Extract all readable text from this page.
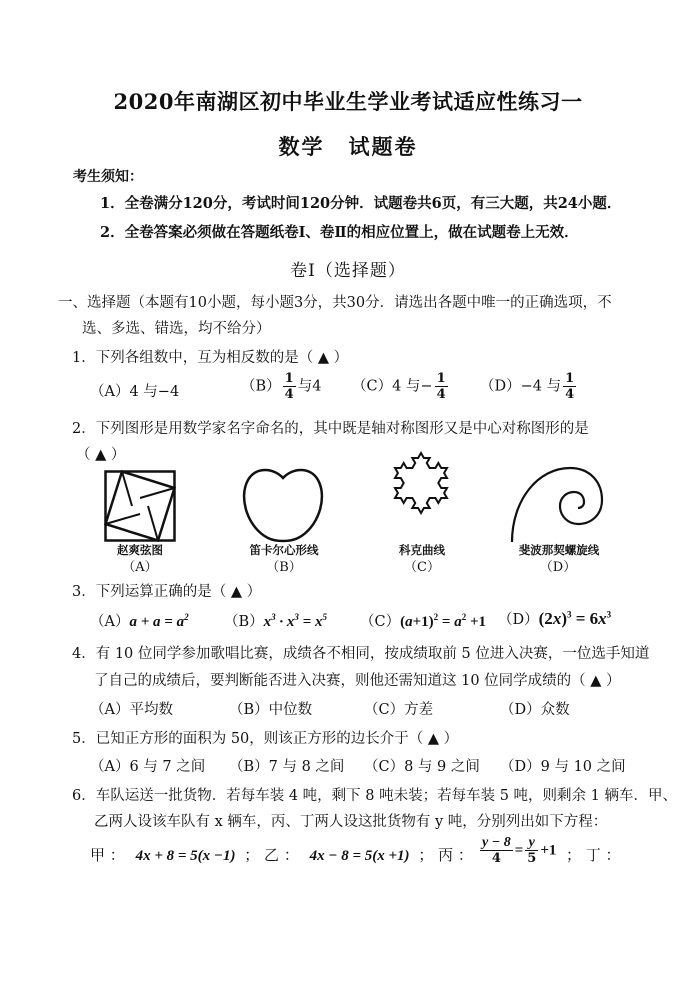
2020年南湖区初中毕业生学业考试适应性练习一
数学 试题卷
考生须知：
1．全卷满分120分，考试时间120分钟．试题卷共6页，有三大题，共24小题．
2．全卷答案必须做在答题纸卷Ⅰ、卷Ⅱ的相应位置上，做在试题卷上无效．
卷Ⅰ（选择题）
一、选择题（本题有10小题，每小题3分，共30分．请选出各题中唯一的正确选项，不
选、多选、错选，均不给分）
1．下列各组数中，互为相反数的是（ ▲ ）
（A）4 与−4	$(B) \frac{1}{4}$ 与4 （C）4 与− $\frac{1}{4} (D)-4$ 与 $\frac{1}{4}$
2．下列图形是用数学家名字命名的，其中既是轴对称图形又是中心对称图形的是
（ ▲ ）
赵爽弦图
（A）
笛卡尔心形线
（B）
科克曲线
（C）
斐波那契螺旋线
（D）
3．下列运算正确的是（ ▲ ）
$(A)a + a = a^2$ $(B)x^3 \cdot x^3 = x^5$ $(C)(a+1)^2 = a^2 +1$ $(D)(2x)^3 = 6x^3$
4．有 10 位同学参加歌唱比赛，成绩各不相同，按成绩取前 5 位进入决赛，一位选手知道
了自己的成绩后，要判断能否进入决赛，则他还需知道这 10 位同学成绩的（ ▲ ）
（A）平均数	（B）中位数	（C）方差	（D）众数
5．已知正方形的面积为 50，则该正方形的边长介于（ ▲ ）
（A）6 与 7 之间 （B）7 与 8 之间 （C）8 与 9 之间 （D）9 与 10 之间
6．车队运送一批货物．若每车装 4 吨，剩下 8 吨未装；若每车装 5 吨，则剩余 1 辆车．甲、
乙两人设该车队有 x 辆车，丙、丁两人设这批货物有 y 吨，分别列出如下方程：
甲 ： 4x + 8 = 5(x −1) ； 乙 ： 4x − 8 = 5(x +1) ； 丙 ： $\frac{y - 8}{4} = \frac{y}{5} +1$ ； 丁 ：
